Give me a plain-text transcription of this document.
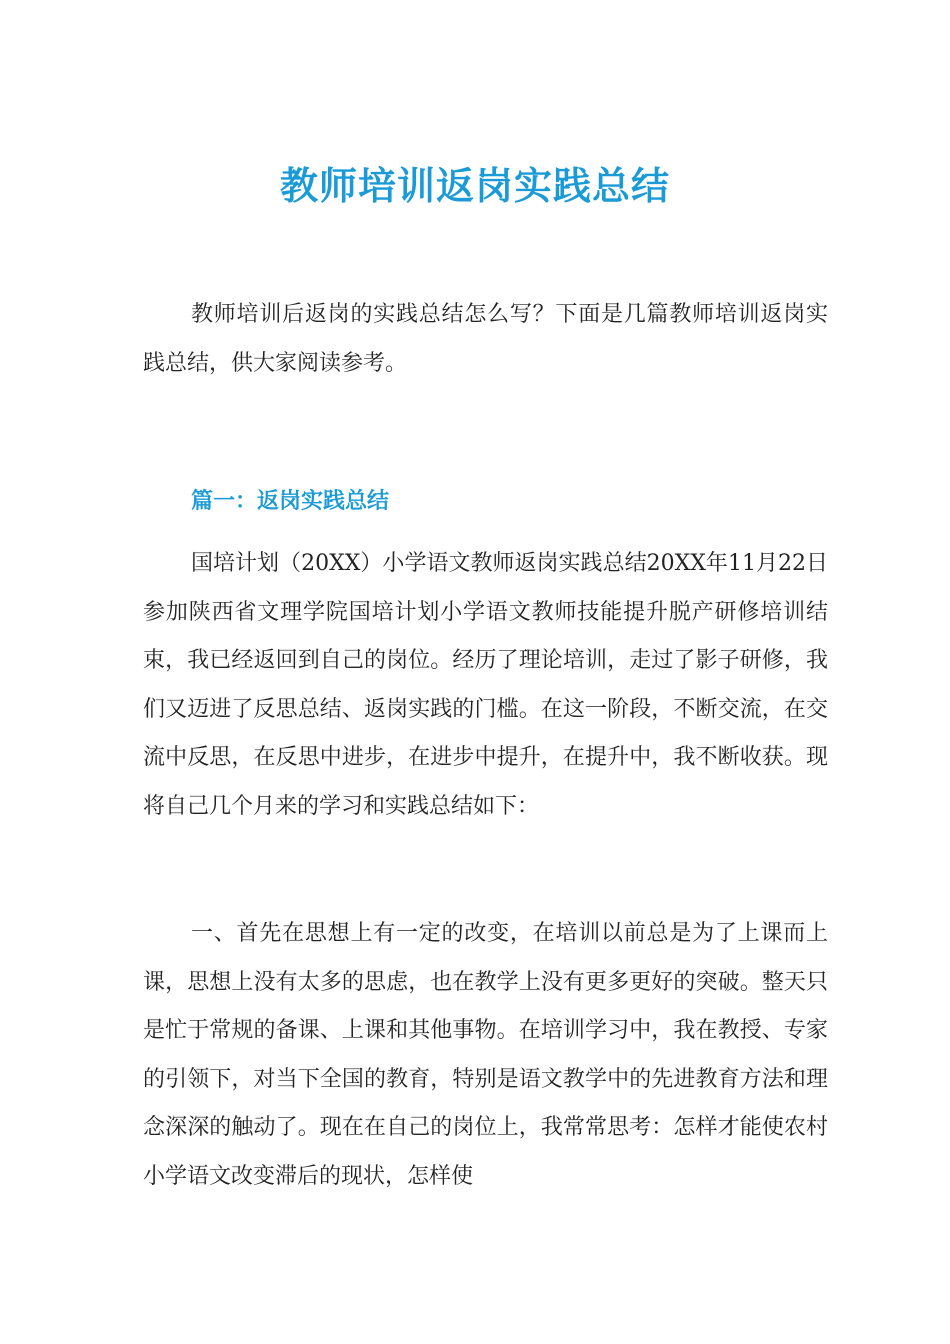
教师培训返岗实践总结

教师培训后返岗的实践总结怎么写？下面是几篇教师培训返岗实践总结，供大家阅读参考。

篇一：返岗实践总结

国培计划（20XX）小学语文教师返岗实践总结20XX年11月22日参加陕西省文理学院国培计划小学语文教师技能提升脱产研修培训结束，我已经返回到自己的岗位。经历了理论培训，走过了影子研修，我们又迈进了反思总结、返岗实践的门槛。在这一阶段，不断交流，在交流中反思，在反思中进步，在进步中提升，在提升中，我不断收获。现将自己几个月来的学习和实践总结如下：

一、首先在思想上有一定的改变，在培训以前总是为了上课而上课，思想上没有太多的思虑，也在教学上没有更多更好的突破。整天只是忙于常规的备课、上课和其他事物。在培训学习中，我在教授、专家的引领下，对当下全国的教育，特别是语文教学中的先进教育方法和理念深深的触动了。现在在自己的岗位上，我常常思考：怎样才能使农村小学语文改变滞后的现状，怎样使
